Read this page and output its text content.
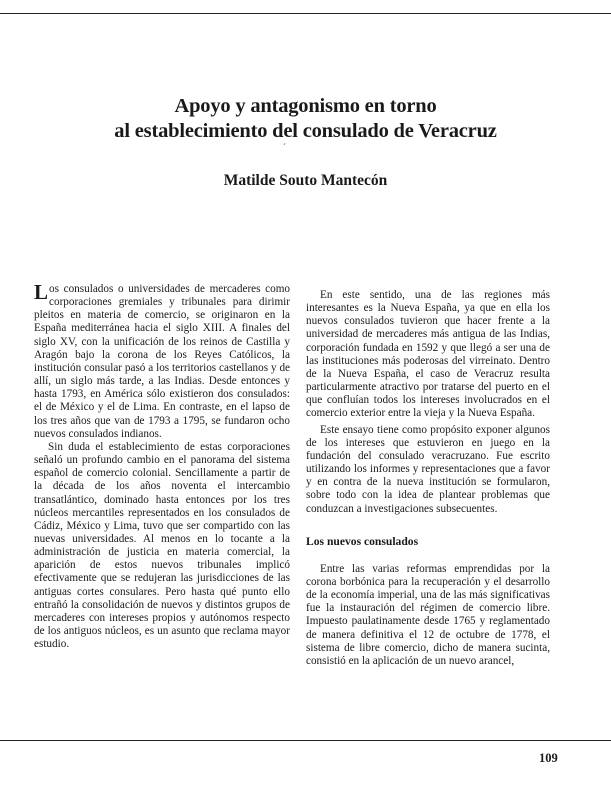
Apoyo y antagonismo en torno
al establecimiento del consulado de Veracruz
´
Matilde Souto Mantecón

Los consulados o universidades de mercaderes como corporaciones gremiales y tribunales para dirimir pleitos en materia de comercio, se originaron en la España mediterránea hacia el siglo XIII. A finales del siglo XV, con la unificación de los reinos de Castilla y Aragón bajo la corona de los Reyes Católicos, la institución consular pasó a los territorios castellanos y de allí, un siglo más tarde, a las Indias. Desde entonces y hasta 1793, en América sólo existieron dos consulados: el de México y el de Lima. En contraste, en el lapso de los tres años que van de 1793 a 1795, se fundaron ocho nuevos consulados indianos.

Sin duda el establecimiento de estas corporaciones señaló un profundo cambio en el panorama del sistema español de comercio colonial. Sencillamente a partir de la década de los años noventa el intercambio transatlántico, dominado hasta entonces por los tres núcleos mercantiles representados en los consulados de Cádiz, México y Lima, tuvo que ser compartido con las nuevas universidades. Al menos en lo tocante a la administración de justicia en materia comercial, la aparición de estos nuevos tribunales implicó efectivamente que se redujeran las jurisdicciones de las antiguas cortes consulares. Pero hasta qué punto ello entrañó la consolidación de nuevos y distintos grupos de mercaderes con intereses propios y autónomos respecto de los antiguos núcleos, es un asunto que reclama mayor estudio.

En este sentido, una de las regiones más interesantes es la Nueva España, ya que en ella los nuevos consulados tuvieron que hacer frente a la universidad de mercaderes más antigua de las Indias, corporación fundada en 1592 y que llegó a ser una de las instituciones más poderosas del virreinato. Dentro de la Nueva España, el caso de Veracruz resulta particularmente atractivo por tratarse del puerto en el que confluían todos los intereses involucrados en el comercio exterior entre la vieja y la Nueva España.

Este ensayo tiene como propósito exponer algunos de los intereses que estuvieron en juego en la fundación del consulado veracruzano. Fue escrito utilizando los informes y representaciones que a favor y en contra de la nueva institución se formularon, sobre todo con la idea de plantear problemas que conduzcan a investigaciones subsecuentes.

Los nuevos consulados

Entre las varias reformas emprendidas por la corona borbónica para la recuperación y el desarrollo de la economía imperial, una de las más significativas fue la instauración del régimen de comercio libre. Impuesto paulatinamente desde 1765 y reglamentado de manera definitiva el 12 de octubre de 1778, el sistema de libre comercio, dicho de manera sucinta, consistió en la aplicación de un nuevo arancel,

109
